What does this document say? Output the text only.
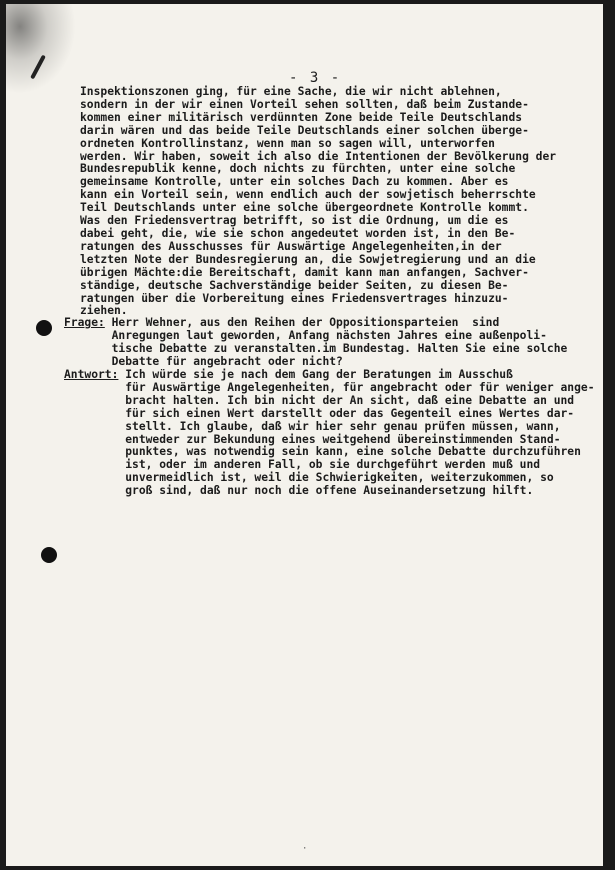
- 3 -
Inspektionszonen ging, für eine Sache, die wir nicht ablehnen,
sondern in der wir einen Vorteil sehen sollten, daß beim Zustande-
kommen einer militärisch verdünnten Zone beide Teile Deutschlands
darin wären und das beide Teile Deutschlands einer solchen überge-
ordneten Kontrollinstanz, wenn man so sagen will, unterworfen
werden. Wir haben, soweit ich also die Intentionen der Bevölkerung der
Bundesrepublik kenne, doch nichts zu fürchten, unter eine solche
gemeinsame Kontrolle, unter ein solches Dach zu kommen. Aber es
kann ein Vorteil sein, wenn endlich auch der sowjetisch beherrschte
Teil Deutschlands unter eine solche übergeordnete Kontrolle kommt.
Was den Friedensvertrag betrifft, so ist die Ordnung, um die es
dabei geht, die, wie sie schon angedeutet worden ist, in den Be-
ratungen des Ausschusses für Auswärtige Angelegenheiten,in der
letzten Note der Bundesregierung an, die Sowjetregierung und an die
übrigen Mächte:die Bereitschaft, damit kann man anfangen, Sachver-
ständige, deutsche Sachverständige beider Seiten, zu diesen Be-
ratungen über die Vorbereitung eines Friedensvertrages hinzuzu-
ziehen.
Frage: Herr Wehner, aus den Reihen der Oppositionsparteien  sind
Anregungen laut geworden, Anfang nächsten Jahres eine außenpoli-
tische Debatte zu veranstalten.im Bundestag. Halten Sie eine solche
Debatte für angebracht oder nicht?
Antwort: Ich würde sie je nach dem Gang der Beratungen im Ausschuß
für Auswärtige Angelegenheiten, für angebracht oder für weniger ange-
bracht halten. Ich bin nicht der An sicht, daß eine Debatte an und
für sich einen Wert darstellt oder das Gegenteil eines Wertes dar-
stellt. Ich glaube, daß wir hier sehr genau prüfen müssen, wann,
entweder zur Bekundung eines weitgehend übereinstimmenden Stand-
punktes, was notwendig sein kann, eine solche Debatte durchzuführen
ist, oder im anderen Fall, ob sie durchgeführt werden muß und
unvermeidlich ist, weil die Schwierigkeiten, weiterzukommen, so
groß sind, daß nur noch die offene Auseinandersetzung hilft.
·
